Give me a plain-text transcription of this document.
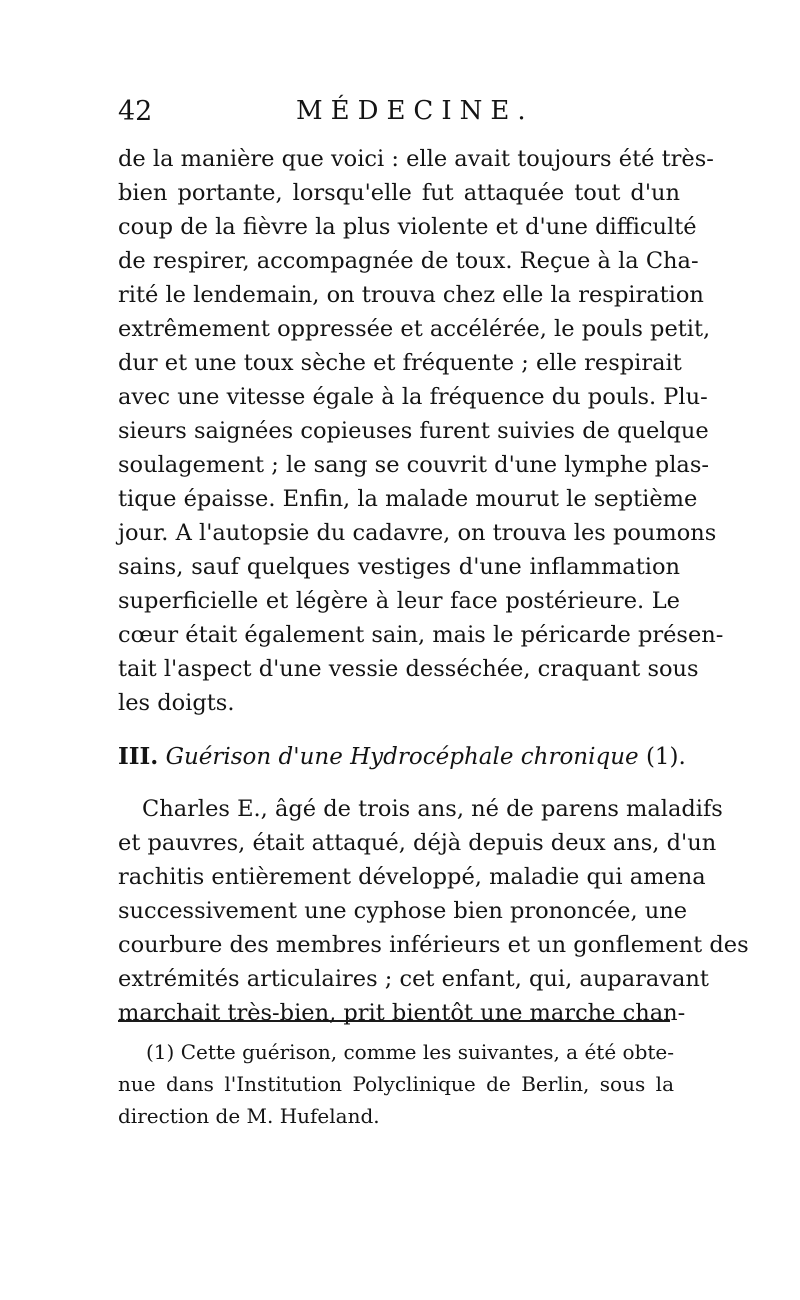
42	MÉDECINE.
de la manière que voici : elle avait toujours été très-
bien portante, lorsqu'elle fut attaquée tout d'un
coup de la fièvre la plus violente et d'une difficulté
de respirer, accompagnée de toux. Reçue à la Cha-
rité le lendemain, on trouva chez elle la respiration
extrêmement oppressée et accélérée, le pouls petit,
dur et une toux sèche et fréquente ; elle respirait
avec une vitesse égale à la fréquence du pouls. Plu-
sieurs saignées copieuses furent suivies de quelque
soulagement ; le sang se couvrit d'une lymphe plas-
tique épaisse. Enfin, la malade mourut le septième
jour. A l'autopsie du cadavre, on trouva les poumons
sains, sauf quelques vestiges d'une inflammation
superficielle et légère à leur face postérieure. Le
cœur était également sain, mais le péricarde présen-
tait l'aspect d'une vessie desséchée, craquant sous
les doigts.
III. Guérison d'une Hydrocéphale chronique (1).
Charles E., âgé de trois ans, né de parens maladifs
et pauvres, était attaqué, déjà depuis deux ans, d'un
rachitis entièrement développé, maladie qui amena
successivement une cyphose bien prononcée, une
courbure des membres inférieurs et un gonflement des
extrémités articulaires ; cet enfant, qui, auparavant
marchait très-bien, prit bientôt une marche chan-
(1) Cette guérison, comme les suivantes, a été obte-
nue dans l'Institution Polyclinique de Berlin, sous la
direction de M. Hufeland.
